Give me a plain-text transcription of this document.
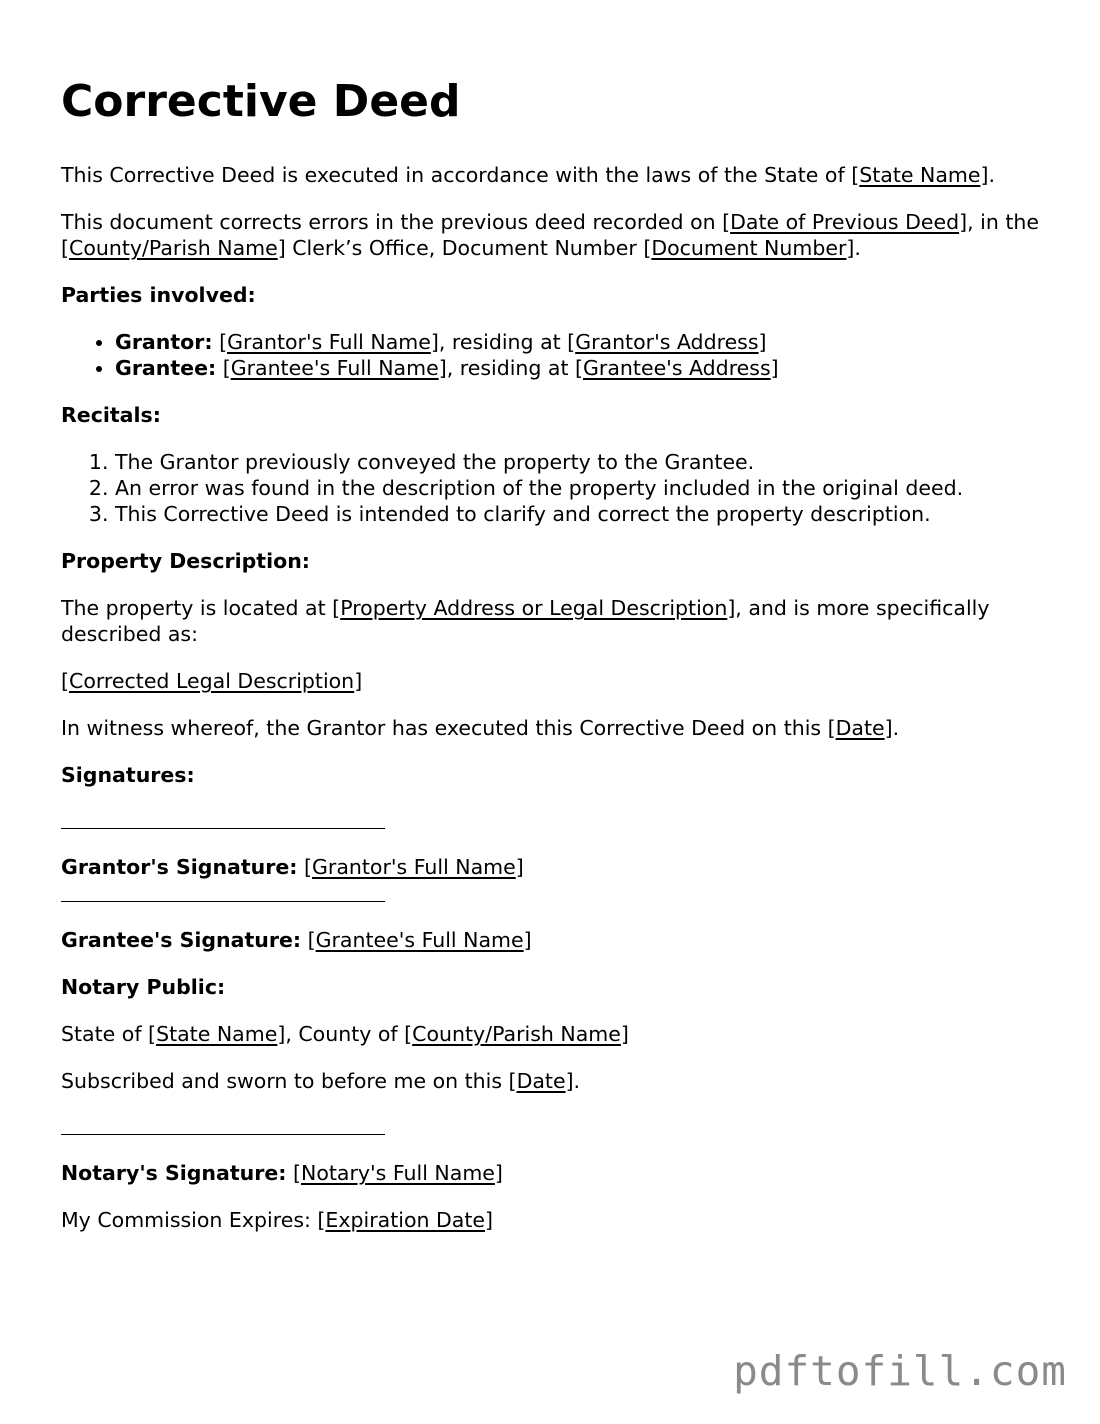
Corrective Deed

This Corrective Deed is executed in accordance with the laws of the State of [State Name].

This document corrects errors in the previous deed recorded on [Date of Previous Deed], in the [County/Parish Name] Clerk’s Office, Document Number [Document Number].

Parties involved:

• Grantor: [Grantor's Full Name], residing at [Grantor's Address]
• Grantee: [Grantee's Full Name], residing at [Grantee's Address]

Recitals:

1. The Grantor previously conveyed the property to the Grantee.
2. An error was found in the description of the property included in the original deed.
3. This Corrective Deed is intended to clarify and correct the property description.

Property Description:

The property is located at [Property Address or Legal Description], and is more specifically described as:

[Corrected Legal Description]

In witness whereof, the Grantor has executed this Corrective Deed on this [Date].

Signatures:

Grantor's Signature: [Grantor's Full Name]

Grantee's Signature: [Grantee's Full Name]

Notary Public:

State of [State Name], County of [County/Parish Name]

Subscribed and sworn to before me on this [Date].

Notary's Signature: [Notary's Full Name]

My Commission Expires: [Expiration Date]

pdftofill.com
